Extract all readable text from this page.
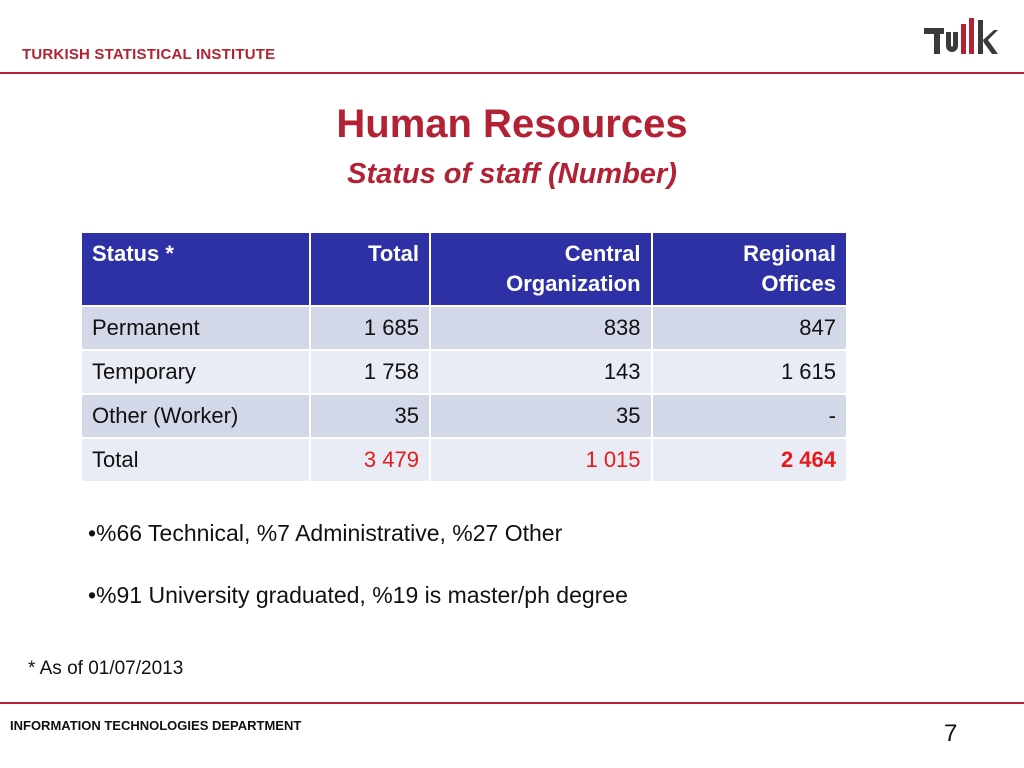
TURKISH STATISTICAL INSTITUTE
Human Resources
Status of staff (Number)
Status *	Total	Central Organization	Regional Offices
Permanent	1 685	838	847
Temporary	1 758	143	1 615
Other (Worker)	35	35	-
Total	3 479	1 015	2 464
•%66 Technical, %7 Administrative, %27 Other
•%91 University graduated, %19 is master/ph degree
* As of 01/07/2013
INFORMATION TECHNOLOGIES DEPARTMENT	7
